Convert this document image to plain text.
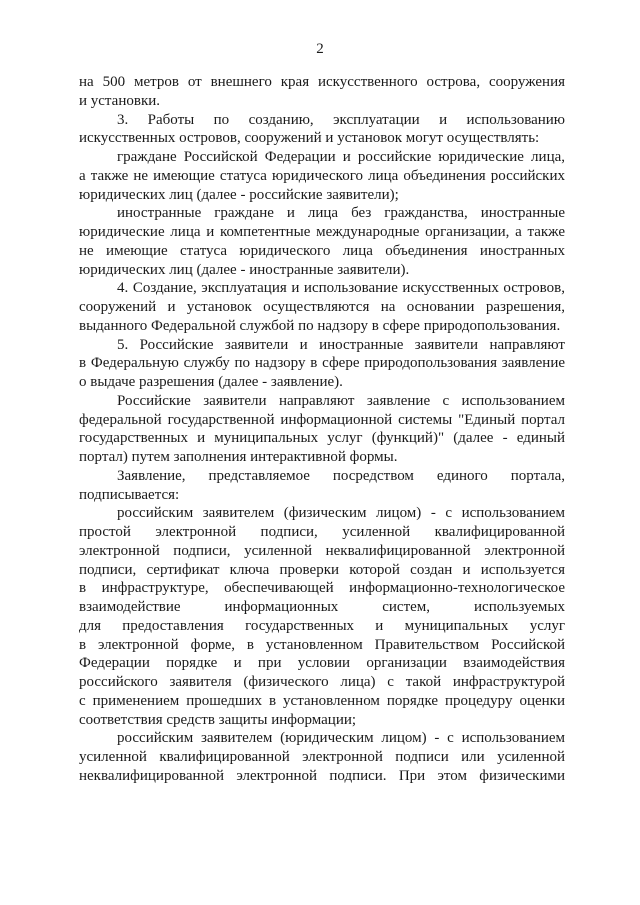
2
на 500 метров от внешнего края искусственного острова, сооружения
и установки.
3. Работы по созданию, эксплуатации и использованию
искусственных островов, сооружений и установок могут осуществлять:
граждане Российской Федерации и российские юридические лица,
а также не имеющие статуса юридического лица объединения российских
юридических лиц (далее - российские заявители);
иностранные граждане и лица без гражданства, иностранные
юридические лица и компетентные международные организации, а также
не имеющие статуса юридического лица объединения иностранных
юридических лиц (далее - иностранные заявители).
4. Создание, эксплуатация и использование искусственных островов,
сооружений и установок осуществляются на основании разрешения,
выданного Федеральной службой по надзору в сфере природопользования.
5. Российские заявители и иностранные заявители направляют
в Федеральную службу по надзору в сфере природопользования заявление
о выдаче разрешения (далее - заявление).
Российские заявители направляют заявление с использованием
федеральной государственной информационной системы "Единый портал
государственных и муниципальных услуг (функций)" (далее - единый
портал) путем заполнения интерактивной формы.
Заявление, представляемое посредством единого портала,
подписывается:
российским заявителем (физическим лицом) - с использованием
простой электронной подписи, усиленной квалифицированной
электронной подписи, усиленной неквалифицированной электронной
подписи, сертификат ключа проверки которой создан и используется
в инфраструктуре, обеспечивающей информационно-технологическое
взаимодействие информационных систем, используемых
для предоставления государственных и муниципальных услуг
в электронной форме, в установленном Правительством Российской
Федерации порядке и при условии организации взаимодействия
российского заявителя (физического лица) с такой инфраструктурой
с применением прошедших в установленном порядке процедуру оценки
соответствия средств защиты информации;
российским заявителем (юридическим лицом) - с использованием
усиленной квалифицированной электронной подписи или усиленной
неквалифицированной электронной подписи. При этом физическими
